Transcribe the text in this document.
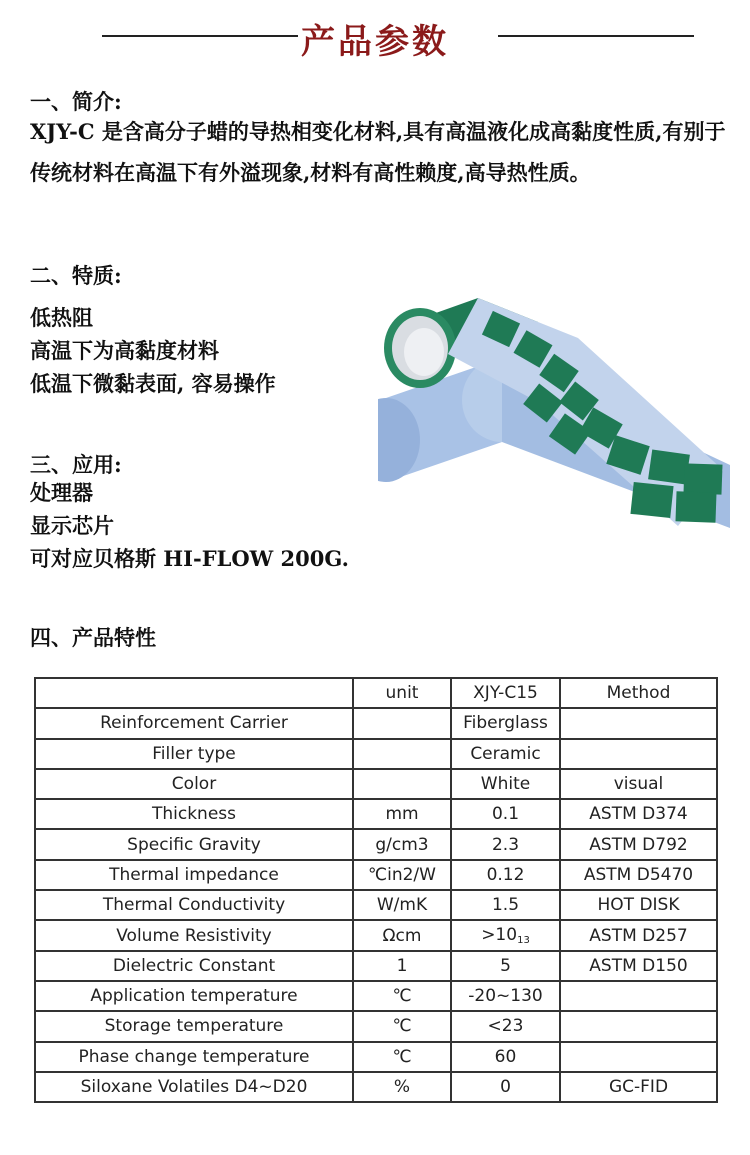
产品参数
一、简介:
XJY-C 是含高分子蜡的导热相变化材料,具有高温液化成高黏度性质,有别于传统材料在高温下有外溢现象,材料有高性赖度,高导热性质。
二、特质:
低热阻
高温下为高黏度材料
低温下微黏表面, 容易操作
三、应用:
处理器
显示芯片
可对应贝格斯 HI-FLOW 200G.
四、产品特性
	unit	XJY-C15	Method
Reinforcement Carrier		Fiberglass	
Filler type		Ceramic	
Color		White	visual
Thickness	mm	0.1	ASTM D374
Specific Gravity	g/cm3	2.3	ASTM D792
Thermal impedance	℃in2/W	0.12	ASTM D5470
Thermal Conductivity	W/mK	1.5	HOT DISK
Volume Resistivity	Ωcm	$>10_{13}$	ASTM D257
Dielectric Constant	1	5	ASTM D150
Application temperature	℃	-20~130	
Storage temperature	℃	<23	
Phase change temperature	℃	60	
Siloxane Volatiles D4~D20	%	0	GC-FID
